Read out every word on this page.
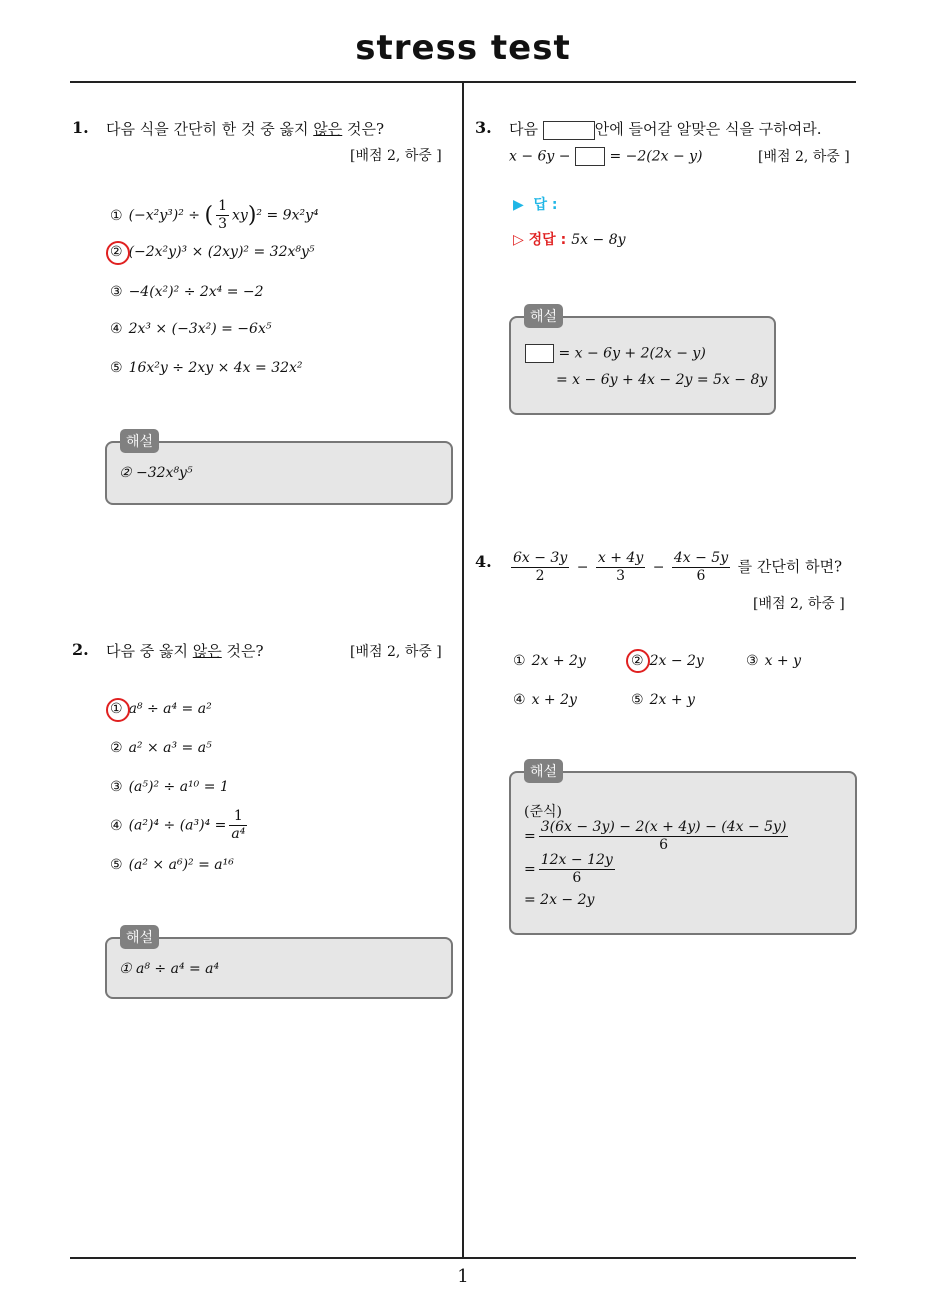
stress test
1
1. 다음 식을 간단히 한 것 중 옳지 않은 것은?
[배점 2, 하중 ]
① (−x²y³)² ÷ ( $\frac{1}{3} xy)^2 = 9x^2y^4$
② (−2x²y)³ × (2xy)² = 32x⁸y⁵
③ −4(x²)² ÷ 2x⁴ = −2
④ 2x³ × (−3x²) = −6x⁵
⑤ 16x²y ÷ 2xy × 4x = 32x²
② −32x⁸y⁵
해설
2. 다음 중 옳지 않은 것은?	[배점 2, 하중 ]
① a⁸ ÷ a⁴ = a²
② a² × a³ = a⁵
③ (a⁵)² ÷ a¹⁰ = 1
④ $(a^2)^4 \div (a^3)^4 = \frac{1}{\text{a⁴}}$
⑤ (a² × a⁶)² = a¹⁶
① a⁸ ÷ a⁴ = a⁴
해설
3. 다음	안에 들어갈 알맞은 식을 구하여라.
x − 6y −	= −2(2x − y)	[배점 2, 하중 ]
▶  답 :
▷ 정답 : 5x − 8y
= x − 6y + 2(2x − y)
= x − 6y + 4x − 2y = 5x − 8y
해설
4. $\frac{6x - 3y}{2} - \frac{x + 4y}{3} - \frac{4x - 5y}{6}$ 를 간단히 하면?
[배점 2, 하중 ]
① 2x + 2y	② 2x − 2y	③ x + y
④ x + 2y	⑤ 2x + y
(준식)
= $\frac{3(6x - 3y) - 2(x + 4y) - (4x - 5y)}{6}$
= $\frac{12x - 12y}{6}$
= 2x − 2y
해설
